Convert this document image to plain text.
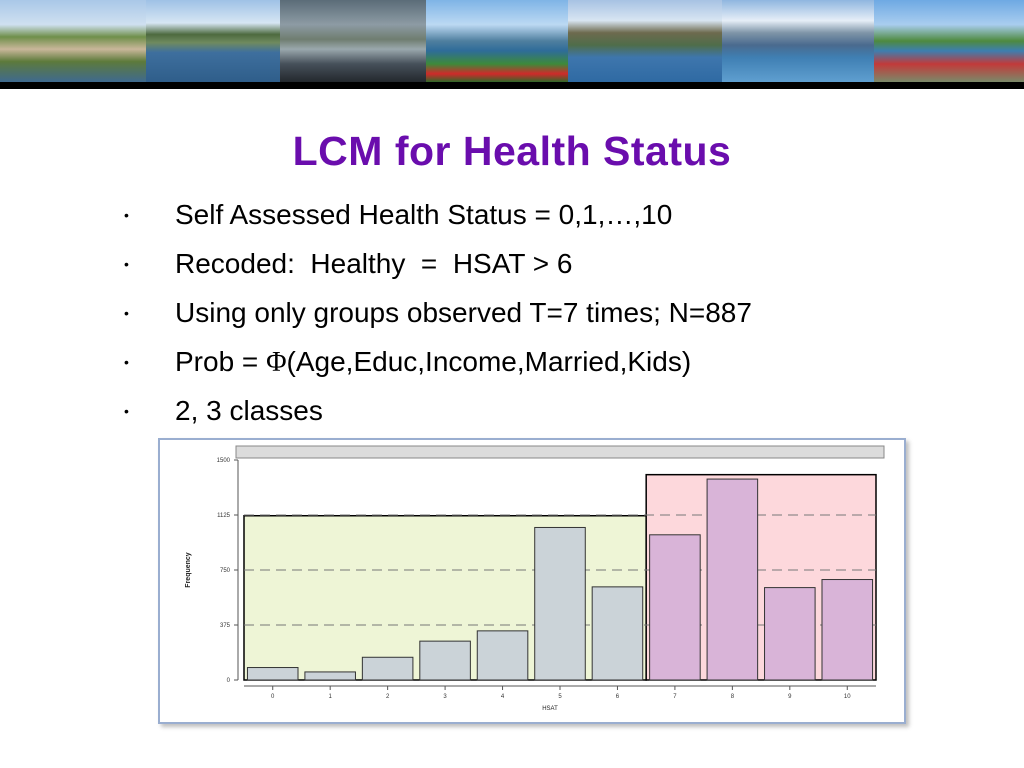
LCM for Health Status
• Self Assessed Health Status = 0,1,…,10
• Recoded:  Healthy  =  HSAT > 6
• Using only groups observed T=7 times; N=887
• Prob = Φ(Age,Educ,Income,Married,Kids)
• 2, 3 classes
0
375
750
1125
1500
0	1	2	3	4	5	6	7	8	9	10
HSAT
Frequency
